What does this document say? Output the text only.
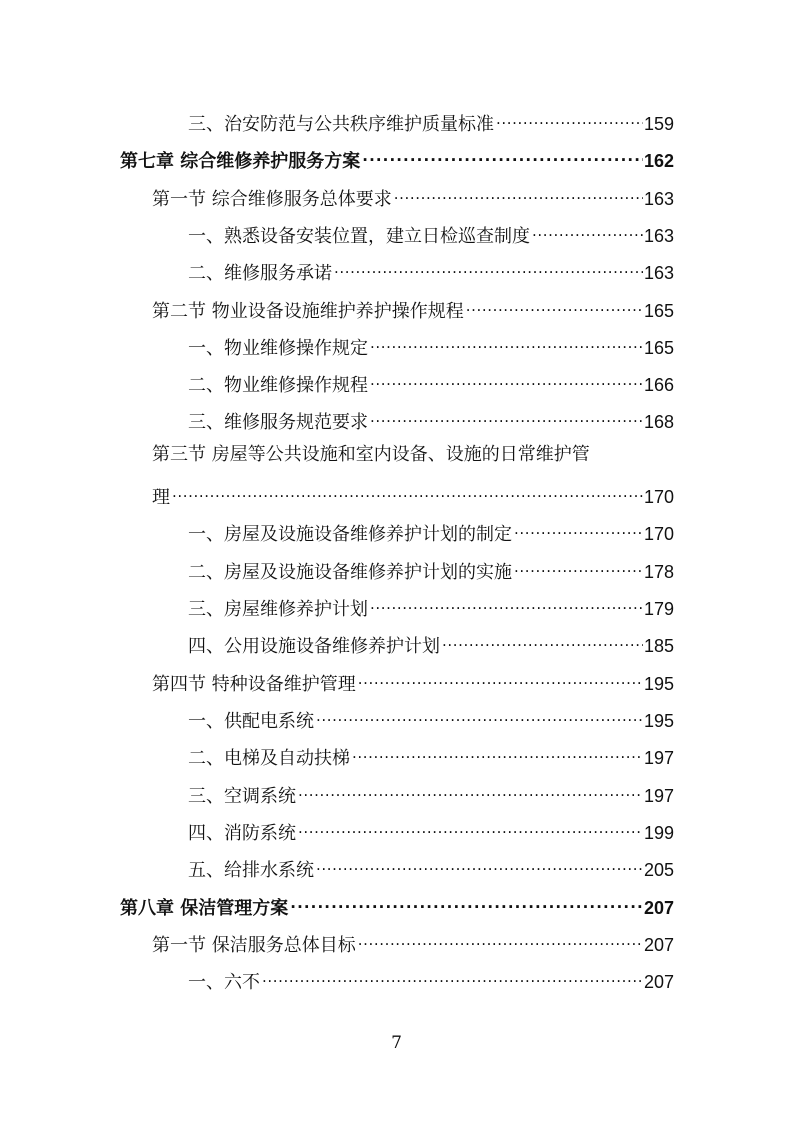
三、治安防范与公共秩序维护质量标准 .....	159
第七章 综合维修养护服务方案 .....	162
第一节 综合维修服务总体要求 .....	163
一、熟悉设备安装位置，建立日检巡查制度 .....	163
二、维修服务承诺 .....	163
第二节 物业设备设施维护养护操作规程 .....	165
一、物业维修操作规定 .....	165
二、物业维修操作规程 .....	166
三、维修服务规范要求 .....	168
第三节 房屋等公共设施和室内设备、设施的日常维护管
理 .....	170
一、房屋及设施设备维修养护计划的制定 .....	170
二、房屋及设施设备维修养护计划的实施 .....	178
三、房屋维修养护计划 .....	179
四、公用设施设备维修养护计划 .....	185
第四节 特种设备维护管理 .....	195
一、供配电系统 .....	195
二、电梯及自动扶梯 .....	197
三、空调系统 .....	197
四、消防系统 .....	199
五、给排水系统 .....	205
第八章 保洁管理方案 .....	207
第一节 保洁服务总体目标 .....	207
一、六不 .....	207
7
